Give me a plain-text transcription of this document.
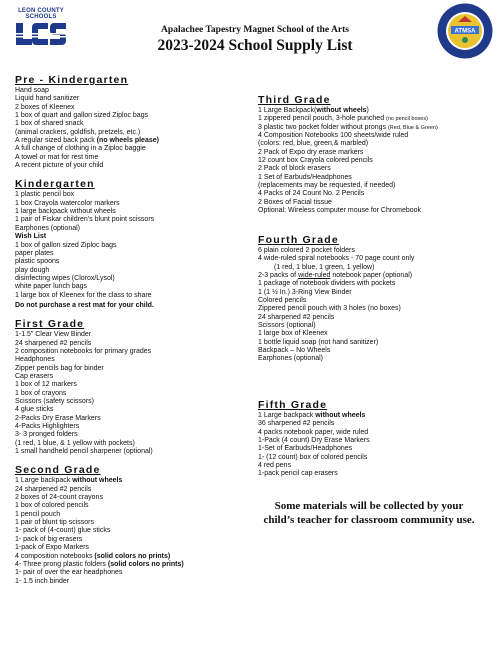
LEON COUNTY SCHOOLS
ATMSA
Apalachee Tapestry Magnet School of the Arts
2023-2024 School Supply List
Pre - Kindergarten
Hand soap
Liquid hand sanitizer
2 boxes of Kleenex
1 box of quart and gallon sized Ziploc bags
1 box of shared snack
(animal crackers, goldfish, pretzels, etc.)
A regular sized back pack (no wheels please)
A full change of clothing in a Ziploc baggie
A towel or mat for rest time
A recent picture of your child
Kindergarten
1 plastic pencil box
1 box Crayola watercolor markers
1 large backpack without wheels
1 pair of Fiskar children’s blunt point scissors
Earphones (optional)
Wish List
1 box of gallon sized Ziploc bags
paper plates
plastic spoons
play dough
disinfecting wipes (Clorox/Lysol)
white paper lunch bags
1 large box of Kleenex for the class to share
Do not purchase a rest mat for your child.
First Grade
1-1.5” Clear View Binder
24 sharpened #2 pencils
2 composition notebooks for primary grades
Headphones
Zipper pencils bag for binder
Cap erasers
1 box of 12 markers
1 box of crayons
Scissors (safety scissors)
4 glue sticks
2-Packs Dry Erase Markers
4-Packs Highlighters
3- 3 pronged folders
(1 red, 1 blue, & 1 yellow with pockets)
1 small handheld pencil sharpener (optional)
Second Grade
1 Large backpack without wheels
24 sharpened #2 pencils
2 boxes of 24-count crayons
1 box of colored pencils
1 pencil pouch
1 pair of blunt tip scissors
1- pack of (4-count) glue sticks
1- pack of big erasers
1-pack of Expo Markers
4 composition notebooks (solid colors no prints)
4- Three prong plastic folders (solid colors no prints)
1- pair of over the ear headphones
1- 1.5 inch binder
Third Grade
1 Large Backpack(without wheels)
1 zippered pencil pouch, 3-hole punched (no pencil boxes)
3 plastic two pocket folder without prongs (Red, Blue & Green)
4 Composition Notebooks 100 sheets/wide ruled
(colors: red, blue, green,& marbled)
2 Pack of Expo dry erase markers
12 count box Crayola colored pencils
2 Pack of block erasers
1 Set of Earbuds/Headphones
(replacements may be requested, if needed)
4 Packs of 24 Count No. 2 Pencils
2 Boxes of Facial tissue
Optional: Wireless computer mouse for Chromebook
Fourth Grade
6 plain colored 2 pocket folders
4 wide-ruled spiral notebooks - 70 page count only
(1 red, 1 blue, 1 green, 1 yellow)
2-3 packs of wide-ruled notebook paper (optional)
1 package of notebook dividers with pockets
1 (1 ½ In.) 3-Ring View Binder
Colored pencils
Zippered pencil pouch with 3 holes (no boxes)
24 sharpened #2 pencils
Scissors (optional)
1 large box of Kleenex
1 bottle liquid soap (not hand sanitizer)
Backpack – No Wheels
Earphones (optional)
Fifth Grade
1 Large backpack without wheels
36 sharpened #2 pencils
4 packs notebook paper, wide ruled
1-Pack (4 count) Dry Erase Markers
1-Set of Earbuds/Headphones
1- (12 count) box of colored pencils
4 red pens
1-pack pencil cap erasers
Some materials will be collected by your child’s teacher for classroom community use.
